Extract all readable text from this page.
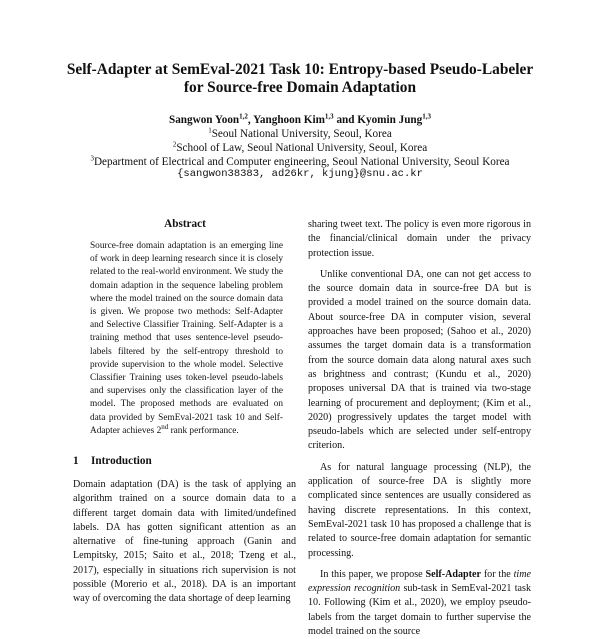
Self-Adapter at SemEval-2021 Task 10: Entropy-based Pseudo-Labeler
for Source-free Domain Adaptation
Sangwon Yoon$^{1,2}$, Yanghoon Kim$^{1,3}$ and Kyomin Jung$^{1,3}$
$^1$Seoul National University, Seoul, Korea
$^2$School of Law, Seoul National University, Seoul, Korea
$^3$Department of Electrical and Computer engineering, Seoul National University, Seoul Korea
{sangwon38383, ad26kr, kjung}@snu.ac.kr
Abstract
Source-free domain adaptation is an emerging line of work in deep learning research since it is closely related to the real-world environment. We study the domain adaption in the sequence labeling problem where the model trained on the source domain data is given. We propose two methods: Self-Adapter and Selective Classifier Training. Self-Adapter is a training method that uses sentence-level pseudo-labels filtered by the self-entropy threshold to provide supervision to the whole model. Selective Classifier Training uses token-level pseudo-labels and supervises only the classification layer of the model. The proposed methods are evaluated on data provided by SemEval-2021 task 10 and Self-Adapter achieves 2nd rank performance.
1 Introduction

Domain adaptation (DA) is the task of applying an algorithm trained on a source domain data to a different target domain data with limited/undefined labels. DA has gotten significant attention as an alternative of fine-tuning approach (Ganin and Lempitsky, 2015; Saito et al., 2018; Tzeng et al., 2017), especially in situations rich supervision is not possible (Morerio et al., 2018). DA is an important way of overcoming the data shortage of deep learning

sharing tweet text. The policy is even more rigorous in the financial/clinical domain under the privacy protection issue.

Unlike conventional DA, one can not get access to the source domain data in source-free DA but is provided a model trained on the source domain data. About source-free DA in computer vision, several approaches have been proposed; (Sahoo et al., 2020) assumes the target domain data is a transformation from the source domain data along natural axes such as brightness and contrast; (Kundu et al., 2020) proposes universal DA that is trained via two-stage learning of procurement and deployment; (Kim et al., 2020) progressively updates the target model with pseudo-labels which are selected under self-entropy criterion.

As for natural language processing (NLP), the application of source-free DA is slightly more complicated since sentences are usually considered as having discrete representations. In this context, SemEval-2021 task 10 has proposed a challenge that is related to source-free domain adaptation for semantic processing.

In this paper, we propose Self-Adapter for the time expression recognition sub-task in SemEval-2021 task 10. Following (Kim et al., 2020), we employ pseudo-labels from the target domain to further supervise the model trained on the source
